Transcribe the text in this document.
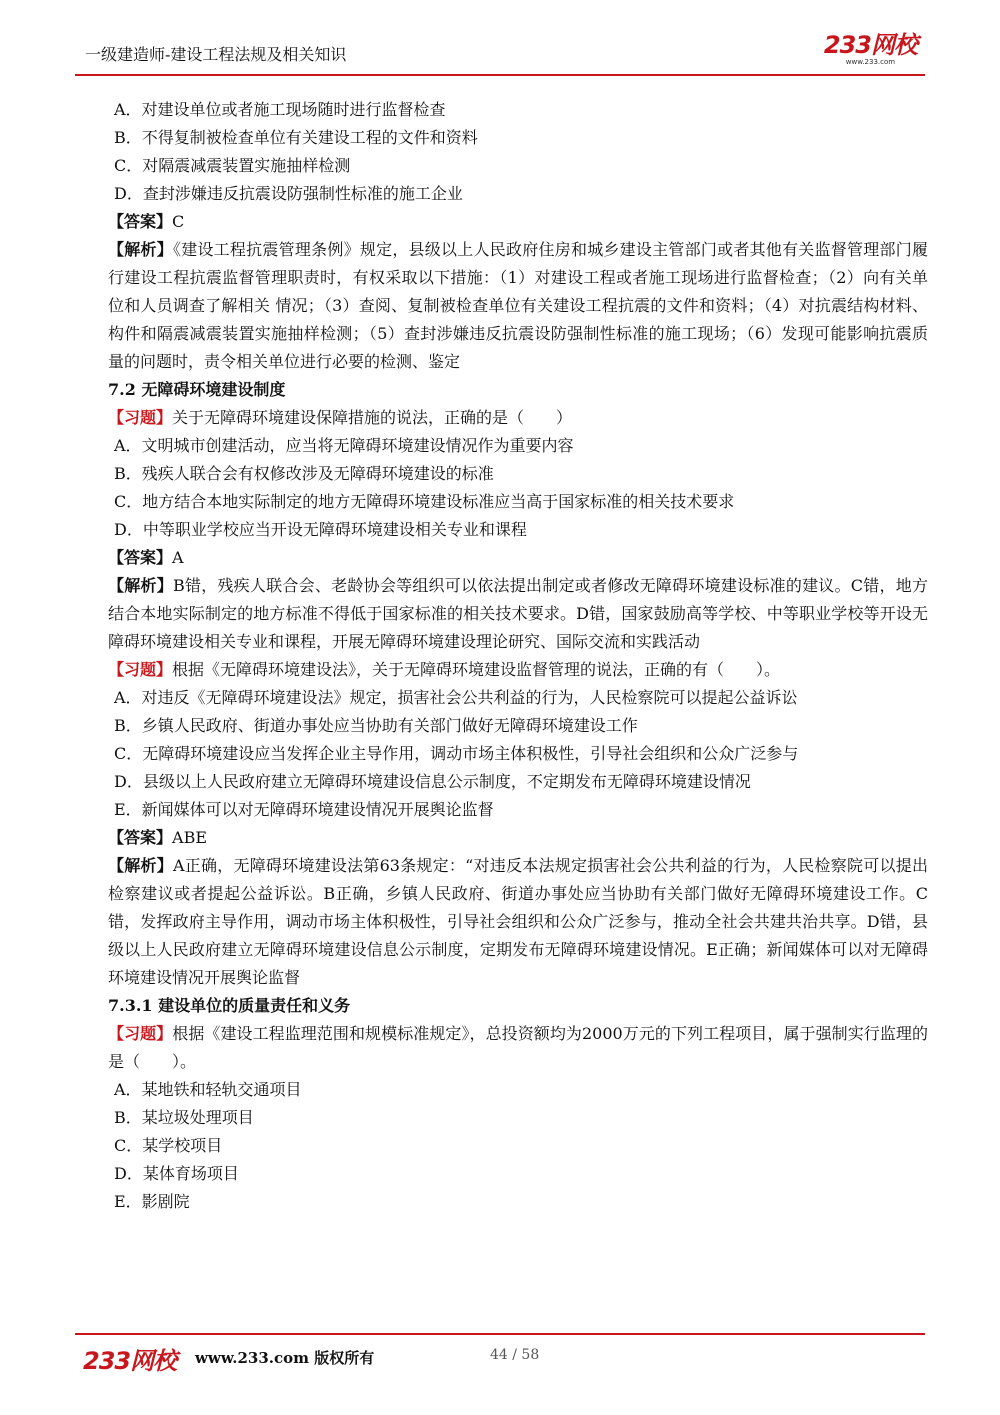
一级建造师-建设工程法规及相关知识	233网校
www.233.com
A．对建设单位或者施工现场随时进行监督检查
B．不得复制被检查单位有关建设工程的文件和资料
C．对隔震减震装置实施抽样检测
D．查封涉嫌违反抗震设防强制性标准的施工企业
【答案】C
【解析】《建设工程抗震管理条例》规定，县级以上人民政府住房和城乡建设主管部门或者其他有关监督管理部门履行建设工程抗震监督管理职责时，有权采取以下措施：（1）对建设工程或者施工现场进行监督检查；（2）向有关单位和人员调查了解相关 情况；（3）查阅、复制被检查单位有关建设工程抗震的文件和资料；（4）对抗震结构材料、构件和隔震减震装置实施抽样检测；（5）查封涉嫌违反抗震设防强制性标准的施工现场；（6）发现可能影响抗震质量的问题时，责令相关单位进行必要的检测、鉴定
7.2 无障碍环境建设制度
【习题】关于无障碍环境建设保障措施的说法，正确的是（　　）
A．文明城市创建活动，应当将无障碍环境建设情况作为重要内容
B．残疾人联合会有权修改涉及无障碍环境建设的标准
C．地方结合本地实际制定的地方无障碍环境建设标准应当高于国家标准的相关技术要求
D．中等职业学校应当开设无障碍环境建设相关专业和课程
【答案】A
【解析】B错，残疾人联合会、老龄协会等组织可以依法提出制定或者修改无障碍环境建设标准的建议。C错，地方结合本地实际制定的地方标准不得低于国家标准的相关技术要求。D错，国家鼓励高等学校、中等职业学校等开设无障碍环境建设相关专业和课程，开展无障碍环境建设理论研究、国际交流和实践活动
【习题】根据《无障碍环境建设法》，关于无障碍环境建设监督管理的说法，正确的有（　　）。
A．对违反《无障碍环境建设法》规定，损害社会公共利益的行为，人民检察院可以提起公益诉讼
B．乡镇人民政府、街道办事处应当协助有关部门做好无障碍环境建设工作
C．无障碍环境建设应当发挥企业主导作用，调动市场主体积极性，引导社会组织和公众广泛参与
D．县级以上人民政府建立无障碍环境建设信息公示制度，不定期发布无障碍环境建设情况
E．新闻媒体可以对无障碍环境建设情况开展舆论监督
【答案】ABE
【解析】A正确，无障碍环境建设法第63条规定：“对违反本法规定损害社会公共利益的行为，人民检察院可以提出检察建议或者提起公益诉讼。B正确，乡镇人民政府、街道办事处应当协助有关部门做好无障碍环境建设工作。C错，发挥政府主导作用，调动市场主体积极性，引导社会组织和公众广泛参与，推动全社会共建共治共享。D错，县级以上人民政府建立无障碍环境建设信息公示制度，定期发布无障碍环境建设情况。E正确；新闻媒体可以对无障碍环境建设情况开展舆论监督
7.3.1 建设单位的质量责任和义务
【习题】根据《建设工程监理范围和规模标准规定》，总投资额均为2000万元的下列工程项目，属于强制实行监理的是（　　）。
A．某地铁和轻轨交通项目
B．某垃圾处理项目
C．某学校项目
D．某体育场项目
E．影剧院
233网校 www.233.com 版权所有	44 / 58
